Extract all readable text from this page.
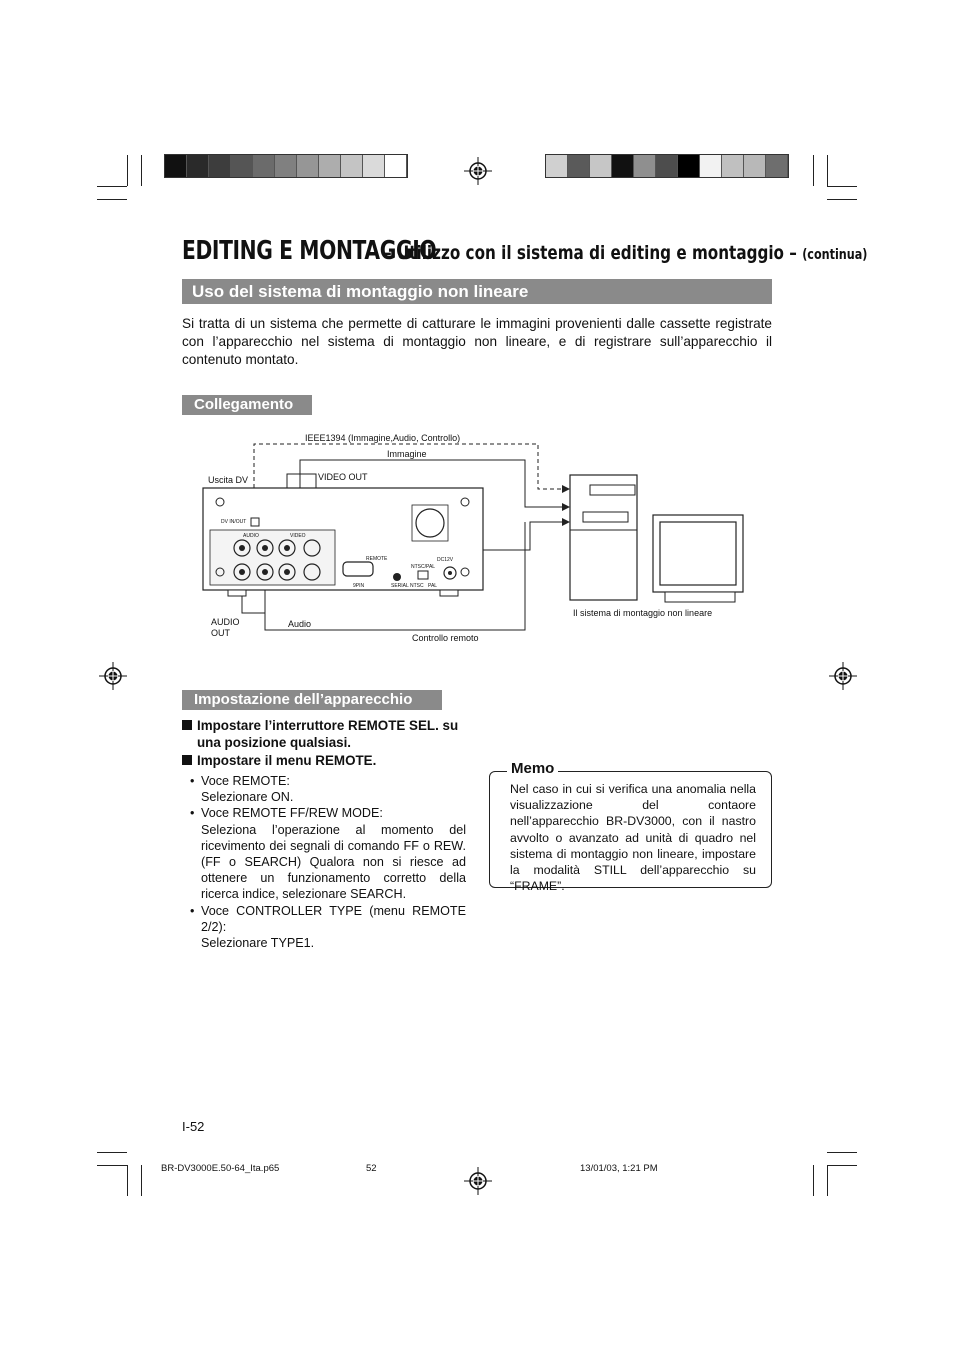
EDITING E MONTAGGIO
– Utilizzo con il sistema di editing e montaggio – (continua)
Uso del sistema di montaggio non lineare
Si tratta di un sistema che permette di catturare le immagini provenienti dalle cassette registrate con l’apparecchio nel sistema di montaggio non lineare, e di registrare sull’apparecchio il contenuto montato.
Collegamento
IEEE1394 (Immagine,Audio, Controllo)
Immagine
Uscita DV	VIDEO OUT
AUDIO
OUT
Audio
Controllo remoto
Il sistema di montaggio non lineare
DV IN/OUT
AUDIO	VIDEO
REMOTE
9PIN	SERIAL
NTSC/PAL
NTSC PAL
DC12V
Impostazione dell’apparecchio
Impostare l’interruttore REMOTE SEL. su una posizione qualsiasi.
Impostare il menu REMOTE.
• Voce REMOTE:
Selezionare ON.
• Voce REMOTE FF/REW MODE:
Seleziona l’operazione al momento del ricevimento dei segnali di comando FF o REW. (FF o SEARCH) Qualora non si riesce ad ottenere un funzionamento corretto della ricerca indice, selezionare SEARCH.
• Voce CONTROLLER TYPE (menu REMOTE 2/2):
Selezionare TYPE1.
Memo
Nel caso in cui si verifica una anomalia nella visualizzazione del contaore nell’apparecchio BR-DV3000, con il nastro avvolto o avanzato ad unità di quadro nel sistema di montaggio non lineare, impostare la modalità STILL dell’apparecchio su “FRAME”.
I-52
BR-DV3000E.50-64_Ita.p65	52	13/01/03, 1:21 PM
